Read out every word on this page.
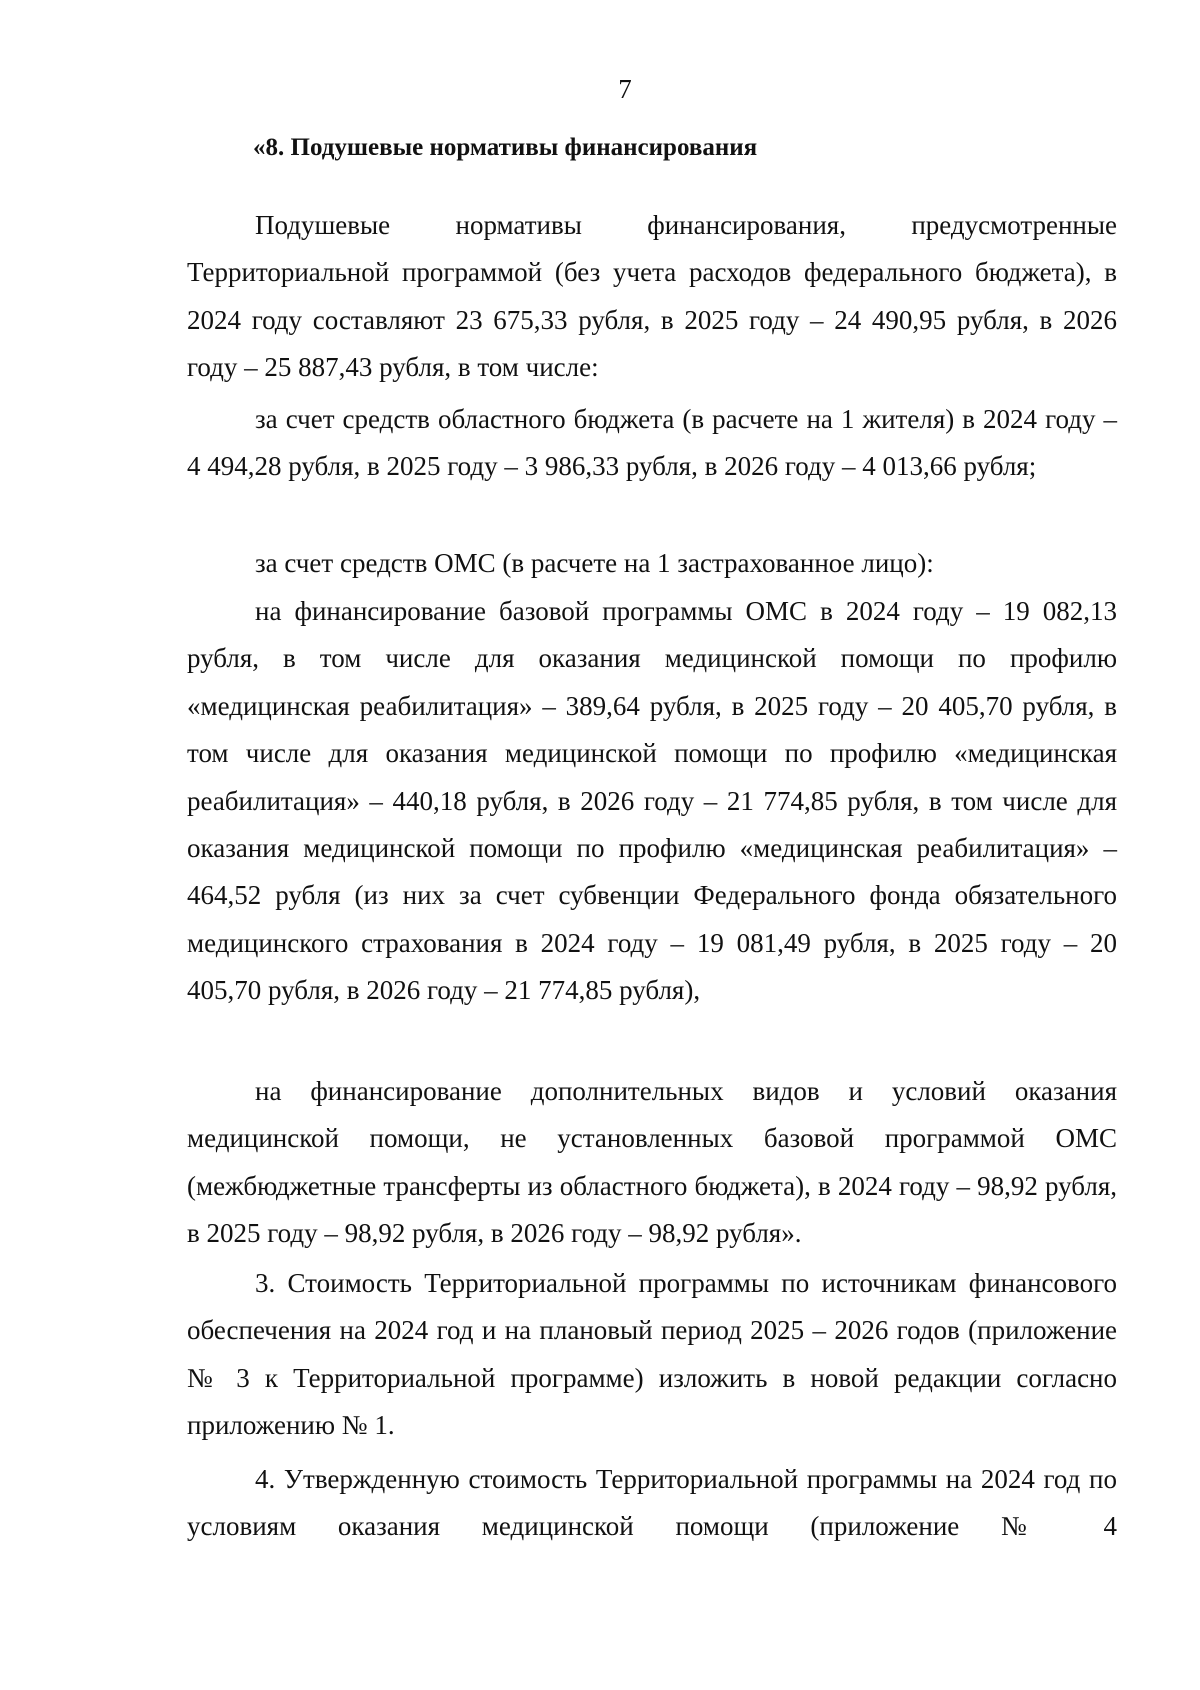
7
«8. Подушевые нормативы финансирования
Подушевые нормативы финансирования, предусмотренные Территориальной программой (без учета расходов федерального бюджета), в 2024 году составляют 23 675,33 рубля, в 2025 году – 24 490,95 рубля, в 2026 году – 25 887,43 рубля, в том числе:
за счет средств областного бюджета (в расчете на 1 жителя) в 2024 году – 4 494,28 рубля, в 2025 году – 3 986,33 рубля, в 2026 году – 4 013,66 рубля;
за счет средств ОМС (в расчете на 1 застрахованное лицо):
на финансирование базовой программы ОМС в 2024 году – 19 082,13 рубля, в том числе для оказания медицинской помощи по профилю «медицинская реабилитация» – 389,64 рубля, в 2025 году – 20 405,70 рубля, в том числе для оказания медицинской помощи по профилю «медицинская реабилитация» – 440,18 рубля, в 2026 году – 21 774,85 рубля, в том числе для оказания медицинской помощи по профилю «медицинская реабилитация» – 464,52 рубля (из них за счет субвенции Федерального фонда обязательного медицинского страхования в 2024 году – 19 081,49 рубля, в 2025 году – 20 405,70 рубля, в 2026 году – 21 774,85 рубля),
на финансирование дополнительных видов и условий оказания медицинской помощи, не установленных базовой программой ОМС (межбюджетные трансферты из областного бюджета), в 2024 году – 98,92 рубля, в 2025 году – 98,92 рубля, в 2026 году – 98,92 рубля».
3. Стоимость Территориальной программы по источникам финансового обеспечения на 2024 год и на плановый период 2025 – 2026 годов (приложение № 3 к Территориальной программе) изложить в новой редакции согласно приложению № 1.
4. Утвержденную стоимость Территориальной программы на 2024 год по условиям оказания медицинской помощи (приложение № 4
